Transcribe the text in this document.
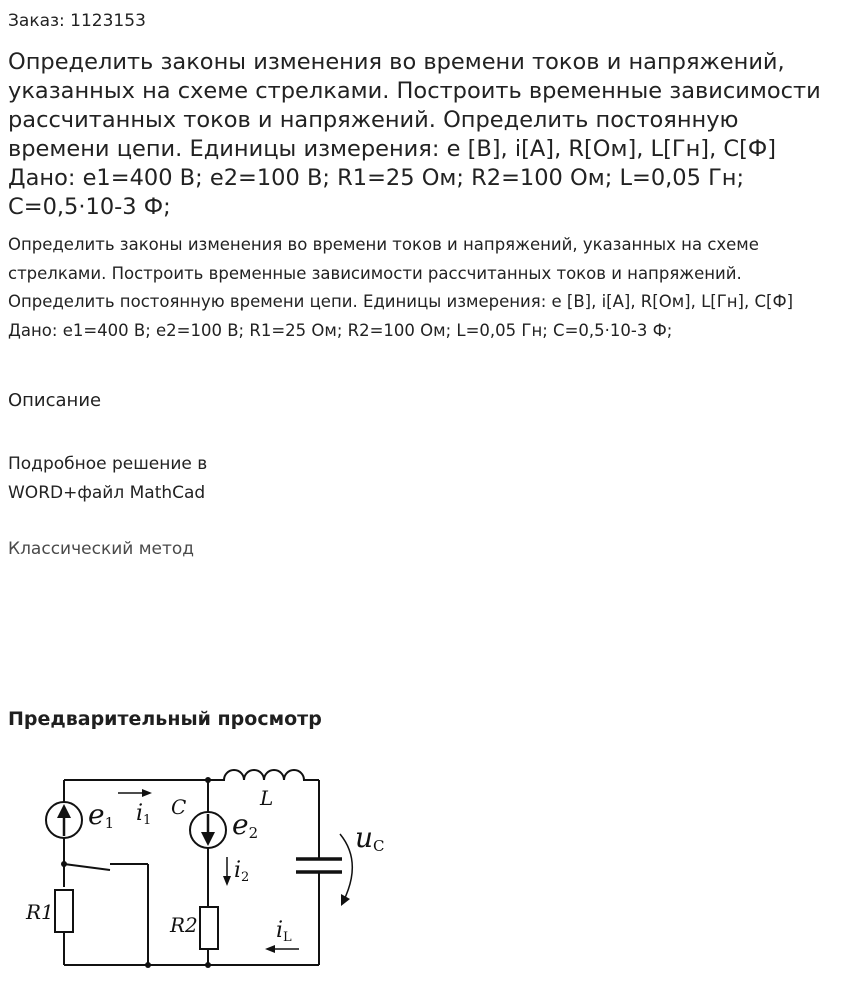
Заказ: 1123153
Определить законы изменения во времени токов и напряжений, указанных на схеме стрелками. Построить временные зависимости рассчитанных токов и напряжений. Определить постоянную времени цепи. Единицы измерения: е [В], i[A], R[Ом], L[Гн], C[Ф] Дано: e1=400 В; e2=100 В; R1=25 Ом; R2=100 Ом; L=0,05 Гн; C=0,5·10-3 Ф;
Определить законы изменения во времени токов и напряжений, указанных на схеме стрелками. Построить временные зависимости рассчитанных токов и напряжений. Определить постоянную времени цепи. Единицы измерения: е [В], i[A], R[Ом], L[Гн], C[Ф] Дано: e1=400 В; e2=100 В; R1=25 Ом; R2=100 Ом; L=0,05 Гн; C=0,5·10-3 Ф;
Описание
Подробное решение в WORD+файл MathCad
Классический метод
Предварительный просмотр
e1 i1
C	L
e2
i2
uC
R1
R2	iL
